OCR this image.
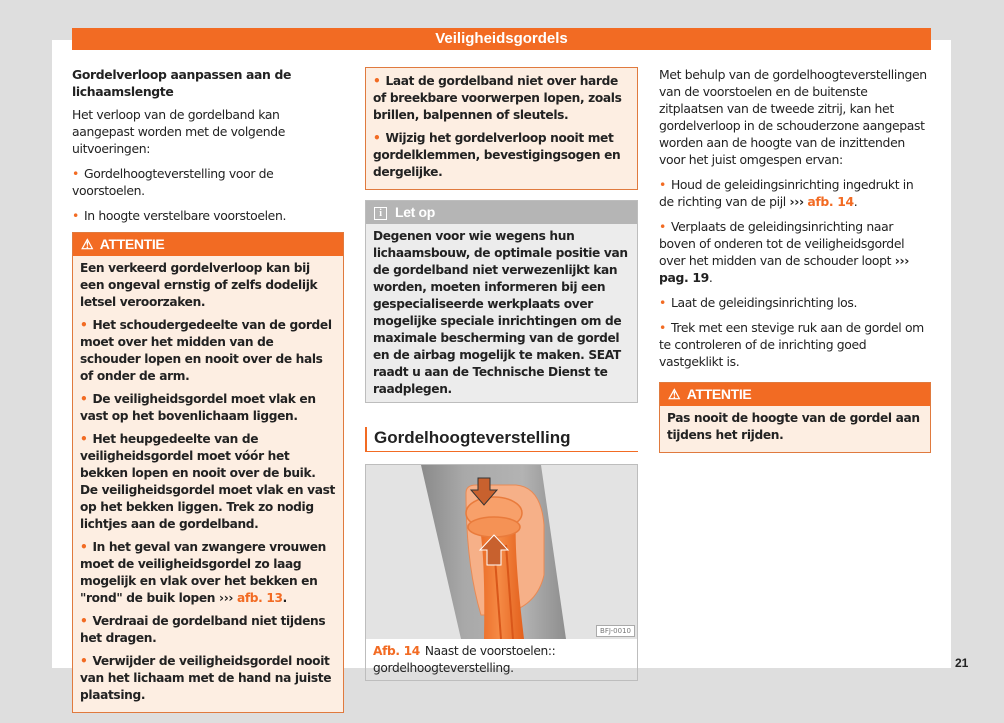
Veiligheidsgordels

Gordelverloop aanpassen aan de lichaamslengte

Het verloop van de gordelband kan aangepast worden met de volgende uitvoeringen:

• Gordelhoogteverstelling voor de voorstoelen.

• In hoogte verstelbare voorstoelen.

⚠ ATTENTIE

Een verkeerd gordelverloop kan bij een ongeval ernstig of zelfs dodelijk letsel veroorzaken.

• Het schoudergedeelte van de gordel moet over het midden van de schouder lopen en nooit over de hals of onder de arm.

• De veiligheidsgordel moet vlak en vast op het bovenlichaam liggen.

• Het heupgedeelte van de veiligheidsgordel moet vóór het bekken lopen en nooit over de buik. De veiligheidsgordel moet vlak en vast op het bekken liggen. Trek zo nodig lichtjes aan de gordelband.

• In het geval van zwangere vrouwen moet de veiligheidsgordel zo laag mogelijk en vlak over het bekken en "rond" de buik lopen ››› afb. 13.

• Verdraai de gordelband niet tijdens het dragen.

• Verwijder de veiligheidsgordel nooit van het lichaam met de hand na juiste plaatsing.

• Laat de gordelband niet over harde of breekbare voorwerpen lopen, zoals brillen, balpennen of sleutels.

• Wijzig het gordelverloop nooit met gordelklemmen, bevestigingsogen en dergelijke.

i Let op
Degenen voor wie wegens hun lichaamsbouw, de optimale positie van de gordelband niet verwezenlijkt kan worden, moeten informeren bij een gespecialiseerde werkplaats over mogelijke speciale inrichtingen om de maximale bescherming van de gordel en de airbag mogelijk te maken. SEAT raadt u aan de Technische Dienst te raadplegen.
Gordelhoogteverstelling
BFJ-0010
Afb. 14 Naast de voorstoelen:: gordelhoogteverstelling.

Met behulp van de gordelhoogteverstellingen van de voorstoelen en de buitenste zitplaatsen van de tweede zitrij, kan het gordelverloop in de schouderzone aangepast worden aan de hoogte van de inzittenden voor het juist omgespen ervan:

• Houd de geleidingsinrichting ingedrukt in de richting van de pijl ››› afb. 14.

• Verplaats de geleidingsinrichting naar boven of onderen tot de veiligheidsgordel over het midden van de schouder loopt ››› pag. 19.

• Laat de geleidingsinrichting los.

• Trek met een stevige ruk aan de gordel om te controleren of de inrichting goed vastgeklikt is.

⚠ ATTENTIE

Pas nooit de hoogte van de gordel aan tijdens het rijden.

21
